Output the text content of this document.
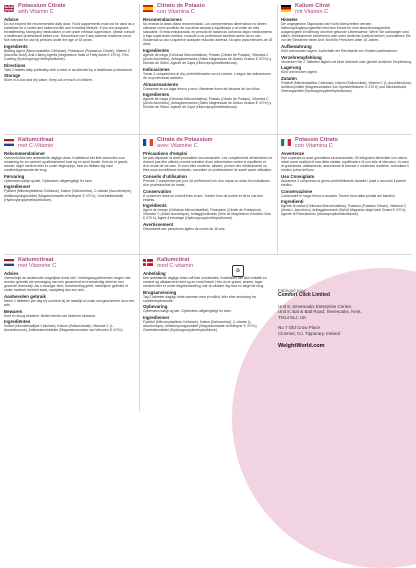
Potassium Citrate
with Vitamin C
Advice
Do not exceed the recommended daily dose. Food supplements must not be used as a substitute for a varied and balanced diet and a healthy lifestyle. If you are pregnant, breastfeeding, taking any medications or are under medical supervision, please consult a healthcare professional before use. Discontinue use if any adverse reactions occur. Not intended for use by persons under the age of 18 years.
Ingredients
Bulking Agent (Microcrystalline Cellulose), Potassium (Potassium Citrate), Vitamin C (Ascorbic Acid), Anti-Caking Agents (Magnesium Salts of Fatty Acids E 470 b), Film Coating (Hydroxypropyl Methylcellulose).
Directions
Take 2 tablets daily preferably with a meal or as directed by a healthcare professional.
Storage
Store in a cool and dry place. Keep out of reach of children.
Citrato de Potasio
con Vitamina C
Recomendaciones
No exceda la dosis diaria recomendada. Los complementos alimenticios no deben utilizarse como sustituto de una dieta variada y equilibrada y un estilo de vida saludable. Si está embarazada, en periodo de lactancia, tomando algún medicamento o bajo supervisión médica, consulte a un profesional sanitario antes de su uso. Suspenda su uso si aparece cualquier reacción adversa. No apto para menores de 18 años.
Ingredientes
Agente de carga (Celulosa Microcristalina), Potasio (Citrato de Potasio), Vitamina C (Ácido Ascórbico), Antiaglomerantes (Sales Magnésicas de Ácidos Grasos E 470 b) y Dióxido de Silicio, Agente de Capa (Hidroxipropilmetilcelulosa).
Indicaciones
Tomar 2 comprimidos al día, preferiblemente con la comida, o según las indicaciones de un profesional sanitario.
Almacenamiento
Conservar en un lugar fresco y seco. Mantener fuera del alcance de los niños.
Ingredientes
Agente de carga (Celulosa Microcristalina), Potasio (Citrato de Potasio), Vitamina C (Ácido Ascórbico), Antiaglomerantes (Sales Magnésicas de Ácidos Grasos E 470 b) y Dióxido de Silicio, Agente de Capa (Hidroxipropilmetilcelulosa).
Kalium Citrat
mit Vitamin C
Hinweis
Die angegebene Tagesdosis darf nicht überschritten werden. Nahrungsergänzungsmittel sind kein Ersatz für eine abwechslungsreiche, ausgewogene Ernährung und eine gesunde Lebensweise. Wenn Sie schwanger sind, stillen, Medikamente einnehmen oder unter ärztlicher Aufsicht stehen, konsultieren Sie vor der Einnahme einen Arzt. Nicht für Personen unter 18 Jahren.
Aufbewahrung
Kühl und trocken lagern. Außerhalb der Reichweite von Kindern aufbewahren.
Verzehrempfehlung
Verzehren Sie 2 Tabletten täglich mit einer Mahlzeit oder gemäß ärztlicher Empfehlung.
Lagerung
Kühl und trocken lagern.
Zutaten
Füllstoff (Mikrokristalline Cellulose), Kalium (Kaliumcitrat), Vitamin C (L-Ascorbinsäure), Antiklumpmittel (Magnesiumsalze von Speisefettsäuren E 470 b) und Siliciumdioxid, Überzugsmittel (Hydroxypropylmethylcellulose).
Kaliumcitraat
met C-Vitamin
Rekommendationer
Overskrid ikke den anbefalede daglige dosis. Kosttilskud bør ikke anvendes som erstatning for en varieret og afbalanceret kost og en sund livsstil. Hvis du er gravid, ammer, tager medicin eller er under lægeopsyn, skal du rådføre dig med sundhedspersonale før brug.
Førvaring
Opbevares køligt og tørt. Opbevares utilgængeligt for børn.
Ingredienser
Fyldstof (Mikrokrystallinsk Cellulose), Kalium (Kaliumcitrat), C-vitamin (Ascorbinsyre), Antiklumpningsmiddel (Magnesiumsalte af fedtsyrer E 470 b), Overtræksmiddel (Hydroxypropylmethylcellulose).
Citrate de Potassium
avec Vitamine C
Précautions d'emploi
Ne pas dépasser la dose journalière recommandée. Les compléments alimentaires ne doivent pas être utilisés comme substitut d'une alimentation variée et équilibrée et d'un mode de vie sain. Si vous êtes enceinte, allaitez, prenez des médicaments ou êtes sous surveillance médicale, consultez un professionnel de santé avant utilisation.
Conseils d'utilisation
Prendre 2 comprimés par jour, de préférence lors d'un repas ou selon les indications d'un professionnel de santé.
Conservation
À conserver dans un endroit frais et sec. Garder hors de portée et de la vue des enfants.
Ingrédients
Agent de charge (Cellulose Microcristalline), Potassium (Citrate de Potassium), Vitamine C (Acide Ascorbique), Antiagglomérants (Sels de Magnésium d'Acides Gras E 470 b), Agent d'enrobage (Hydroxypropylméthylcellulose).
Avertissement
Déconseillé aux personnes âgées de moins de 18 ans.
Potassio Citrato
con Vitamina C
Avvertenze
Non superare la dose giornaliera raccomandata. Gli integratori alimentari non vanno intesi come sostituti di una dieta variata, equilibrata e di uno stile di vita sano. In caso di gravidanza, allattamento, assunzione di farmaci o condizioni mediche, consultare il medico prima dell'uso.
Uso Consigliato
Assumere 2 compresse al giorno preferibilmente durante i pasti o secondo il parere medico.
Conservazione
Conservare in luogo fresco e asciutto. Tenere fuori dalla portata dei bambini.
Ingredienti
Agente di carica (Cellulosa Microcristallina), Potassio (Potassio Citrato), Vitamina C (Acido L-Ascorbico), Antiagglomeranti (Sali di Magnesio degli Acidi Grassi E 470 b), Agente di Rivestimento (Idrossipropilmetilcellulosa).
Kaliumcitraat
met Vitamine C
Advies
Overschrijd de aanbevolen dagelijkse dosis niet. Voedingssupplementen mogen niet worden gebruikt als vervanging van een gevarieerd en evenwichtig dieet en een gezonde levensstijl. Als u zwanger bent, borstvoeding geeft, medicijnen gebruikt of onder medisch toezicht staat, raadpleeg dan een arts.
Aanbevolen gebruik
Neem 2 tabletten per dag bij voorkeur bij de maaltijd of zoals voorgeschreven door een arts.
Bewaren
Koel en droog bewaren. Buiten bereik van kinderen bewaren.
Ingrediënten
Vulstof (Microkristallijne Cellulose), Kalium (Kaliumcitraat), Vitamine C (L-Ascorbinezuur), Antiklontermiddelen (Magnesiumzouten van Vetzuren E 470 b).
Kaliumcitrat
med C-vitamin
Anbefaling
Den anbefalede daglige dosis må ikke overskrides. Kosttilskud bør ikke erstatte en varieret og afbalanceret kost og en sund livsstil. Hvis du er gravid, ammer, tager medicin eller er under lægebehandling, bør du rådføre dig med en læge før brug.
Brugsanvisning
Tag 2 tabletter dagligt, helst sammen med et måltid, eller efter anvisning fra sundhedspersonale.
Opbevaring
Opbevares køligt og tørt. Opbevares utilgængeligt for børn.
Ingredienser
Fyldstof (Mikrokrystallinsk Cellulose), Kalium (Kaliumcitrat), C-vitamin (L-ascorbinsyre), Antiklumpningsmiddel (Magnesiumsalte af fedtsyrer E 470 b), Overtræksmiddel (Hydroxypropylmethylcellulose).
♻
Fabriqué pour
Comfort Click Limited
Unit 8, Sevenoaks Enterprise Centre,
Unit 8, Bat & Ball Road, Sevenoaks, Kent,
TN14 5LJ, UK
No 7 Old Crow Place
Clonmel, Co. Tipperary, Ireland
WeightWorld.com
